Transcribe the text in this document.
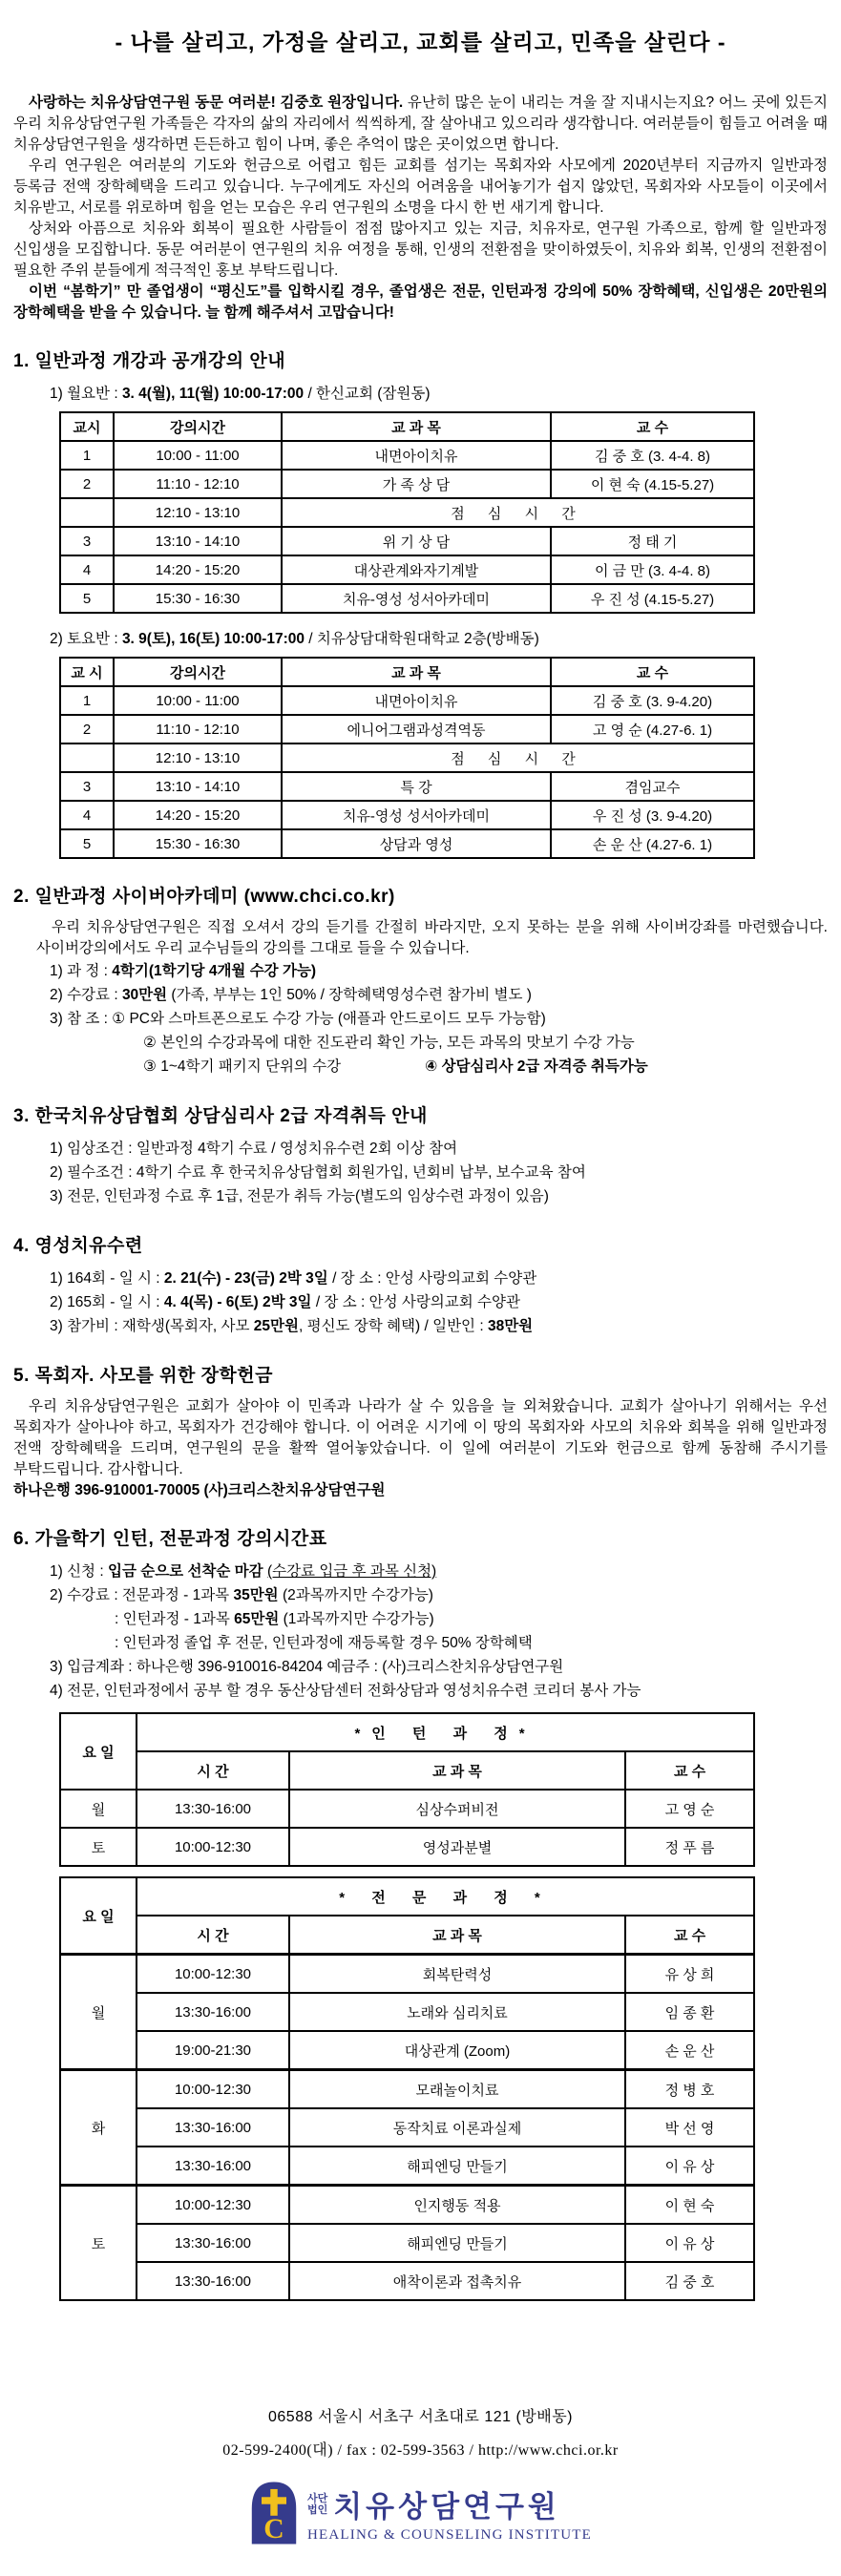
- 나를 살리고, 가정을 살리고, 교회를 살리고, 민족을 살린다 -

사랑하는 치유상담연구원 동문 여러분! 김중호 원장입니다. 유난히 많은 눈이 내리는 겨울 잘 지내시는지요? 어느 곳에 있든지 우리 치유상담연구원 가족들은 각자의 삶의 자리에서 씩씩하게, 잘 살아내고 있으리라 생각합니다. 여러분들이 힘들고 어려울 때 치유상담연구원을 생각하면 든든하고 힘이 나며, 좋은 추억이 많은 곳이었으면 합니다.

우리 연구원은 여러분의 기도와 헌금으로 어렵고 힘든 교회를 섬기는 목회자와 사모에게 2020년부터 지금까지 일반과정 등록금 전액 장학혜택을 드리고 있습니다. 누구에게도 자신의 어려움을 내어놓기가 쉽지 않았던, 목회자와 사모들이 이곳에서 치유받고, 서로를 위로하며 힘을 얻는 모습은 우리 연구원의 소명을 다시 한 번 새기게 합니다.

상처와 아픔으로 치유와 회복이 필요한 사람들이 점점 많아지고 있는 지금, 치유자로, 연구원 가족으로, 함께 할 일반과정 신입생을 모집합니다. 동문 여러분이 연구원의 치유 여정을 통해, 인생의 전환점을 맞이하였듯이, 치유와 회복, 인생의 전환점이 필요한 주위 분들에게 적극적인 홍보 부탁드립니다.

이번 “봄학기” 만 졸업생이 “평신도”를 입학시킬 경우, 졸업생은 전문, 인턴과정 강의에 50% 장학혜택, 신입생은 20만원의 장학혜택을 받을 수 있습니다. 늘 함께 해주셔서 고맙습니다!

1. 일반과정 개강과 공개강의 안내

1) 월요반 : 3. 4(월), 11(월) 10:00-17:00 / 한신교회 (잠원동)

교시	강의시간	교 과 목	교 수
1	10:00 - 11:00	내면아이치유	김 중 호 (3. 4-4. 8)
2	11:10 - 12:10	가 족 상 담	이 현 숙 (4.15-5.27)
	12:10 - 13:10	점 심 시 간	
3	13:10 - 14:10	위 기 상 담	정 태 기
4	14:20 - 15:20	대상관계와자기계발	이 금 만 (3. 4-4. 8)
5	15:30 - 16:30	치유-영성 성서아카데미	우 진 성 (4.15-5.27)

2) 토요반 : 3. 9(토), 16(토) 10:00-17:00 / 치유상담대학원대학교 2층(방배동)

교 시	강의시간	교 과 목	교 수
1	10:00 - 11:00	내면아이치유	김 중 호 (3. 9-4.20)
2	11:10 - 12:10	에니어그램과성격역동	고 영 순 (4.27-6. 1)
	12:10 - 13:10	점 심 시 간	
3	13:10 - 14:10	특 강	겸임교수
4	14:20 - 15:20	치유-영성 성서아카데미	우 진 성 (3. 9-4.20)
5	15:30 - 16:30	상담과 영성	손 운 산 (4.27-6. 1)
2. 일반과정 사이버아카데미 (www.chci.co.kr)

우리 치유상담연구원은 직접 오셔서 강의 듣기를 간절히 바라지만, 오지 못하는 분을 위해 사이버강좌를 마련했습니다. 사이버강의에서도 우리 교수님들의 강의를 그대로 들을 수 있습니다.

1) 과 정 : 4학기(1학기당 4개월 수강 가능)

2) 수강료 : 30만원 (가족, 부부는 1인 50% / 장학혜택영성수련 참가비 별도 )

3) 참 조 : ① PC와 스마트폰으로도 수강 가능 (애플과 안드로이드 모두 가능함)

② 본인의 수강과목에 대한 진도관리 확인 가능, 모든 과목의 맛보기 수강 가능

③ 1~4학기 패키지 단위의 수강	④ 상담심리사 2급 자격증 취득가능

3. 한국치유상담협회 상담심리사 2급 자격취득 안내

1) 임상조건 : 일반과정 4학기 수료 / 영성치유수련 2회 이상 참여

2) 필수조건 : 4학기 수료 후 한국치유상담협회 회원가입, 년회비 납부, 보수교육 참여

3) 전문, 인턴과정 수료 후 1급, 전문가 취득 가능(별도의 임상수련 과정이 있음)

4. 영성치유수련

1) 164회 - 일 시 : 2. 21(수) - 23(금) 2박 3일 / 장 소 : 안성 사랑의교회 수양관

2) 165회 - 일 시 : 4. 4(목) - 6(토) 2박 3일 / 장 소 : 안성 사랑의교회 수양관

3) 참가비 : 재학생(목회자, 사모 25만원, 평신도 장학 혜택) / 일반인 : 38만원

5. 목회자. 사모를 위한 장학헌금

우리 치유상담연구원은 교회가 살아야 이 민족과 나라가 살 수 있음을 늘 외쳐왔습니다. 교회가 살아나기 위해서는 우선 목회자가 살아나야 하고, 목회자가 건강해야 합니다. 이 어려운 시기에 이 땅의 목회자와 사모의 치유와 회복을 위해 일반과정 전액 장학혜택을 드리며, 연구원의 문을 활짝 열어놓았습니다. 이 일에 여러분이 기도와 헌금으로 함께 동참해 주시기를 부탁드립니다. 감사합니다.

하나은행 396-910001-70005 (사)크리스찬치유상담연구원

6. 가을학기 인턴, 전문과정 강의시간표

1) 신청 : 입금 순으로 선착순 마감 (수강료 입금 후 과목 신청)

2) 수강료 : 전문과정 - 1과목 35만원 (2과목까지만 수강가능)

: 인턴과정 - 1과목 65만원 (1과목까지만 수강가능)

: 인턴과정 졸업 후 전문, 인턴과정에 재등록할 경우 50% 장학혜택

3) 입금계좌 : 하나은행 396-910016-84204 예금주 : (사)크리스찬치유상담연구원

4) 전문, 인턴과정에서 공부 할 경우 동산상담센터 전화상담과 영성치유수련 코리더 봉사 가능

요 일	*인 턴 과 정*		
	시 간	교 과 목	교 수
월	13:30-16:00	심상수퍼비전	고 영 순
토	10:00-12:30	영성과분별	정 푸 름
요 일	* 전 문 과 정 *		
	시 간	교 과 목	교 수
월	10:00-12:30	회복탄력성	유 상 희
	13:30-16:00	노래와 심리치료	임 종 환
	19:00-21:30	대상관계 (Zoom)	손 운 산
화	10:00-12:30	모래놀이치료	정 병 호
	13:30-16:00	동작치료 이론과실제	박 선 영
	13:30-16:00	해피엔딩 만들기	이 유 상
토	10:00-12:30	인지행동 적용	이 현 숙
	13:30-16:00	해피엔딩 만들기	이 유 상
	13:30-16:00	애착이론과 접촉치유	김 중 호
06588 서울시 서초구 서초대로 121 (방배동)
02-599-2400(대) / fax : 02-599-3563 / http://www.chci.or.kr
C
사단
법인 치유상담연구원
HEALING & COUNSELING INSTITUTE
